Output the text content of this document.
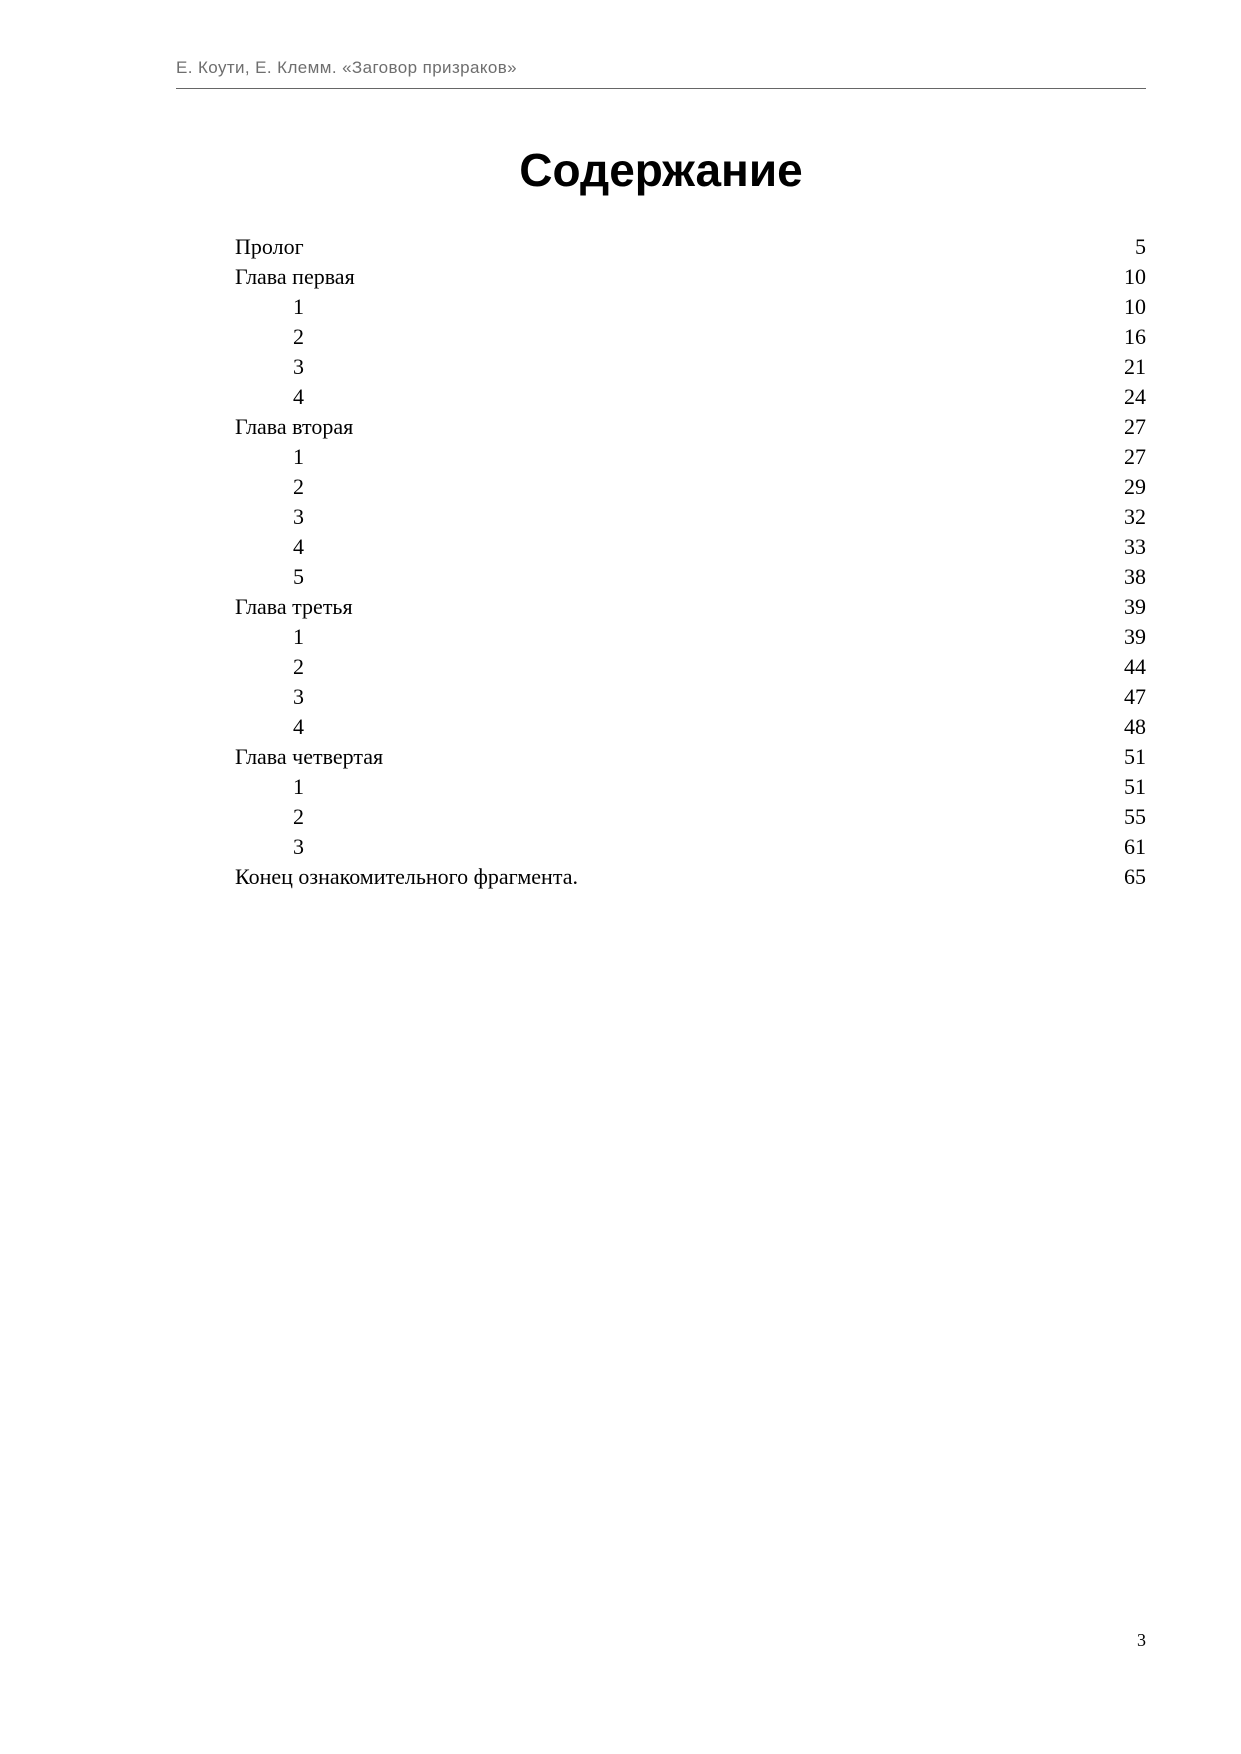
Е. Коути, Е. Клемм. «Заговор призраков»
Содержание
Пролог	5
Глава первая	10
1	10
2	16
3	21
4	24
Глава вторая	27
1	27
2	29
3	32
4	33
5	38
Глава третья	39
1	39
2	44
3	47
4	48
Глава четвертая	51
1	51
2	55
3	61
Конец ознакомительного фрагмента.	65
3
